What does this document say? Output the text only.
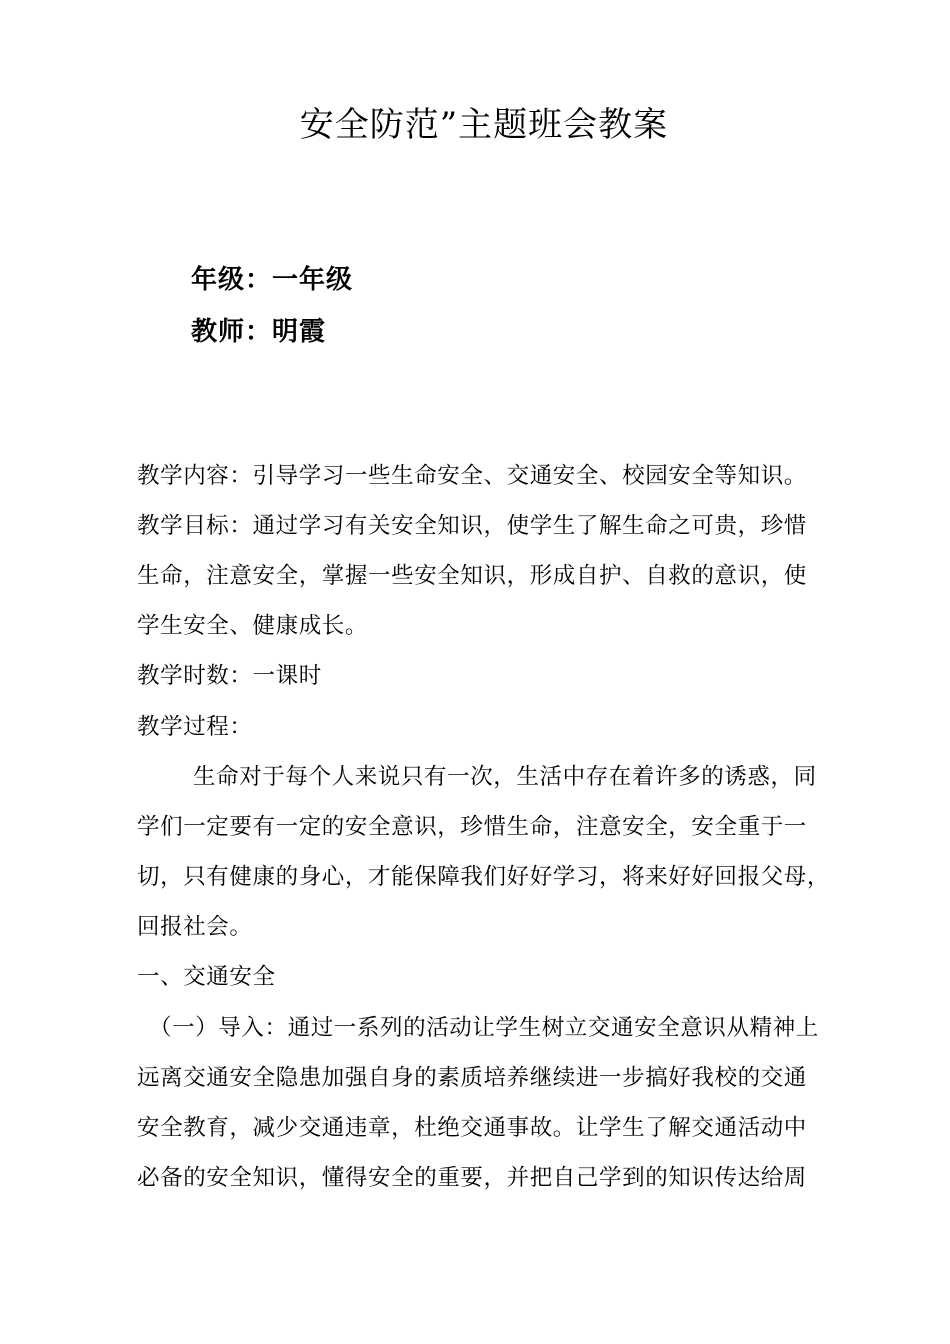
安全防范”主题班会教案
年级：一年级
教师：明霞
教学内容：引导学习一些生命安全、交通安全、校园安全等知识。
教学目标：通过学习有关安全知识，使学生了解生命之可贵，珍惜
生命，注意安全，掌握一些安全知识，形成自护、自救的意识，使
学生安全、健康成长。
教学时数：一课时
教学过程：
生命对于每个人来说只有一次，生活中存在着许多的诱惑，同
学们一定要有一定的安全意识，珍惜生命，注意安全，安全重于一
切，只有健康的身心，才能保障我们好好学习，将来好好回报父母，
回报社会。
一、交通安全
（一）导入：通过一系列的活动让学生树立交通安全意识从精神上
远离交通安全隐患加强自身的素质培养继续进一步搞好我校的交通
安全教育，减少交通违章，杜绝交通事故。让学生了解交通活动中
必备的安全知识，懂得安全的重要，并把自己学到的知识传达给周
